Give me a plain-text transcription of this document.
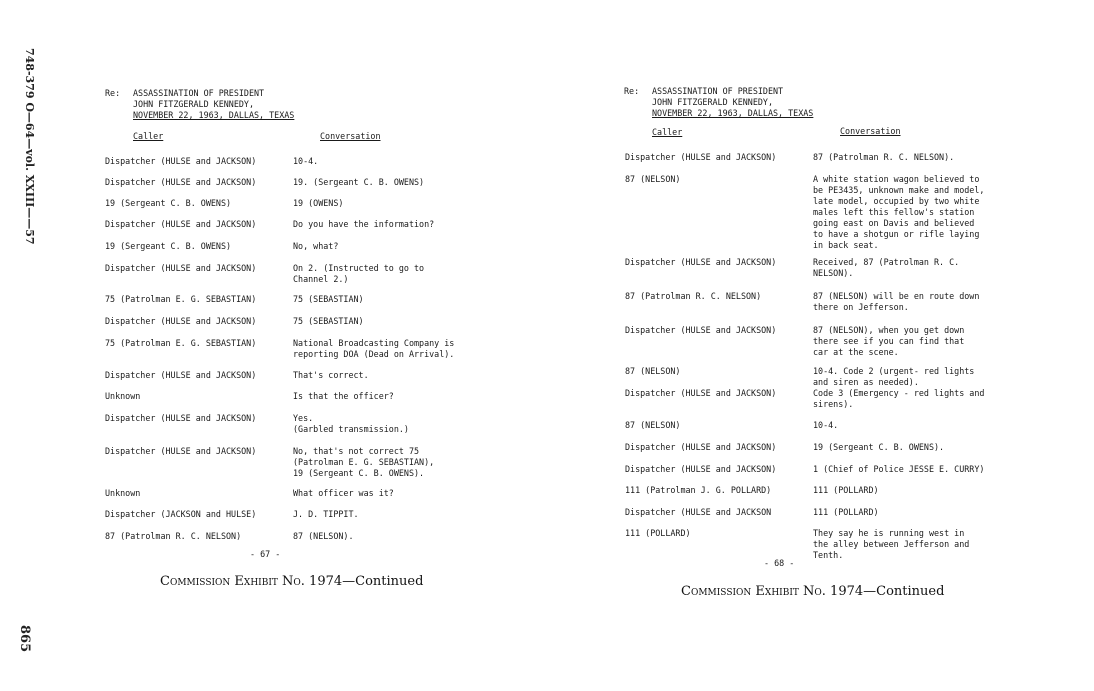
748-379 O—64—vol. XXIII——57
865
Re: ASSASSINATION OF PRESIDENT
JOHN FITZGERALD KENNEDY,
NOVEMBER 22, 1963, DALLAS, TEXAS
Caller	Conversation
Dispatcher (HULSE and JACKSON)	10-4.
Dispatcher (HULSE and JACKSON)	19. (Sergeant C. B. OWENS)
19 (Sergeant C. B. OWENS)	19 (OWENS)
Dispatcher (HULSE and JACKSON)	Do you have the information?
19 (Sergeant C. B. OWENS)	No, what?
Dispatcher (HULSE and JACKSON)	On 2. (Instructed to go to
Channel 2.)
75 (Patrolman E. G. SEBASTIAN)	75 (SEBASTIAN)
Dispatcher (HULSE and JACKSON)	75 (SEBASTIAN)
75 (Patrolman E. G. SEBASTIAN)	National Broadcasting Company is
reporting DOA (Dead on Arrival).
Dispatcher (HULSE and JACKSON)	That's correct.
Unknown	Is that the officer?
Dispatcher (HULSE and JACKSON)	Yes.
(Garbled transmission.)
Dispatcher (HULSE and JACKSON)	No, that's not correct 75
(Patrolman E. G. SEBASTIAN),
19 (Sergeant C. B. OWENS).
Unknown	What officer was it?
Dispatcher (JACKSON and HULSE)	J. D. TIPPIT.
87 (Patrolman R. C. NELSON)	87 (NELSON).
- 67 -
Commission Exhibit No. 1974—Continued
Re: ASSASSINATION OF PRESIDENT
JOHN FITZGERALD KENNEDY,
NOVEMBER 22, 1963, DALLAS, TEXAS
Caller	Conversation
Dispatcher (HULSE and JACKSON)	87 (Patrolman R. C. NELSON).
87 (NELSON)	A white station wagon believed to
be PE3435, unknown make and model,
late model, occupied by two white
males left this fellow's station
going east on Davis and believed
to have a shotgun or rifle laying
in back seat.
Dispatcher (HULSE and JACKSON)	Received, 87 (Patrolman R. C.
NELSON).
87 (Patrolman R. C. NELSON)	87 (NELSON) will be en route down
there on Jefferson.
Dispatcher (HULSE and JACKSON)	87 (NELSON), when you get down
there see if you can find that
car at the scene.
87 (NELSON)	10-4. Code 2 (urgent- red lights
and siren as needed).
Dispatcher (HULSE and JACKSON)	Code 3 (Emergency - red lights and
sirens).
87 (NELSON)	10-4.
Dispatcher (HULSE and JACKSON)	19 (Sergeant C. B. OWENS).
Dispatcher (HULSE and JACKSON)	1 (Chief of Police JESSE E. CURRY)
111 (Patrolman J. G. POLLARD)	111 (POLLARD)
Dispatcher (HULSE and JACKSON	111 (POLLARD)
111 (POLLARD)	They say he is running west in
the alley between Jefferson and
Tenth.
- 68 -
Commission Exhibit No. 1974—Continued
